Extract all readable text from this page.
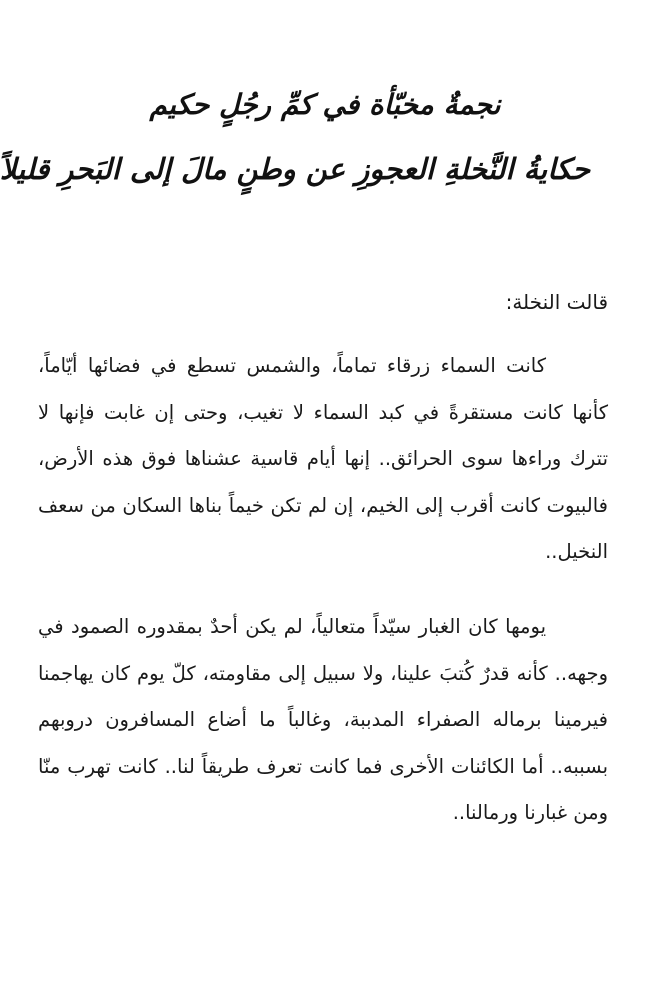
نجمةٌ مخبّأة في كمِّ رجُلٍ حكيم
حكايةُ النَّخلةِ العجوزِ عن وطنٍ مالَ إلى البَحرِ قليلاً
قالت النخلة:

كانت السماء زرقاء تماماً، والشمس تسطع في فضائها أيّاماً، كأنها كانت مستقرةً في كبد السماء لا تغيب، وحتى إن غابت فإنها لا تترك وراءها سوى الحرائق.. إنها أيام قاسية عشناها فوق هذه الأرض، فالبيوت كانت أقرب إلى الخيم، إن لم تكن خيماً بناها السكان من سعف النخيل..

يومها كان الغبار سيّداً متعالياً، لم يكن أحدٌ بمقدوره الصمود في وجهه.. كأنه قدرٌ كُتبَ علينا، ولا سبيل إلى مقاومته، كلّ يوم كان يهاجمنا فيرمينا برماله الصفراء المدببة، وغالباً ما أضاع المسافرون دروبهم بسببه.. أما الكائنات الأخرى فما كانت تعرف طريقاً لنا.. كانت تهرب منّا ومن غبارنا ورمالنا..
